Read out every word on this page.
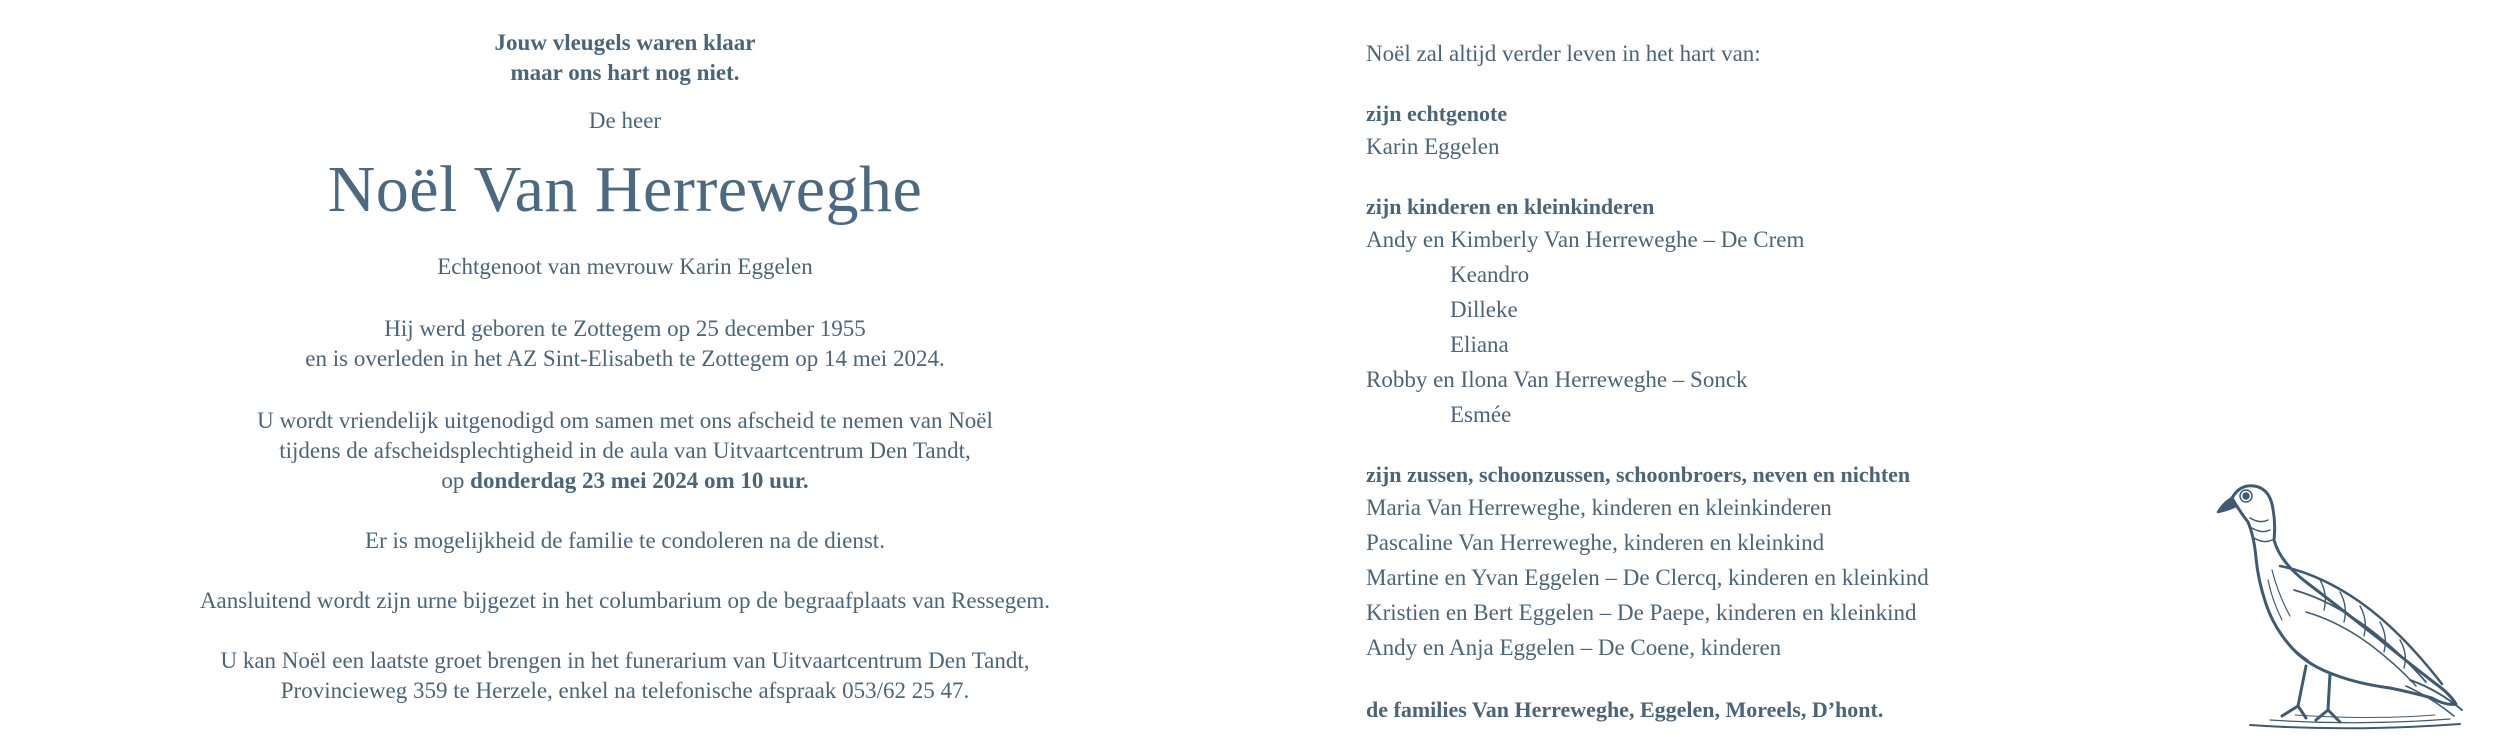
Jouw vleugels waren klaar

maar ons hart nog niet.

De heer

Noël Van Herreweghe

Echtgenoot van mevrouw Karin Eggelen

Hij werd geboren te Zottegem op 25 december 1955

en is overleden in het AZ Sint-Elisabeth te Zottegem op 14 mei 2024.

U wordt vriendelijk uitgenodigd om samen met ons afscheid te nemen van Noël

tijdens de afscheidsplechtigheid in de aula van Uitvaartcentrum Den Tandt,

op donderdag 23 mei 2024 om 10 uur.

Er is mogelijkheid de familie te condoleren na de dienst.

Aansluitend wordt zijn urne bijgezet in het columbarium op de begraafplaats van Ressegem.

U kan Noël een laatste groet brengen in het funerarium van Uitvaartcentrum Den Tandt,

Provincieweg 359 te Herzele, enkel na telefonische afspraak 053/62 25 47.

Noël zal altijd verder leven in het hart van:

zijn echtgenote

Karin Eggelen

zijn kinderen en kleinkinderen

Andy en Kimberly Van Herreweghe – De Crem

Keandro

Dilleke

Eliana

Robby en Ilona Van Herreweghe – Sonck

Esmée

zijn zussen, schoonzussen, schoonbroers, neven en nichten

Maria Van Herreweghe, kinderen en kleinkinderen

Pascaline Van Herreweghe, kinderen en kleinkind

Martine en Yvan Eggelen – De Clercq, kinderen en kleinkind

Kristien en Bert Eggelen – De Paepe, kinderen en kleinkind

Andy en Anja Eggelen – De Coene, kinderen

de families Van Herreweghe, Eggelen, Moreels, D’hont.
